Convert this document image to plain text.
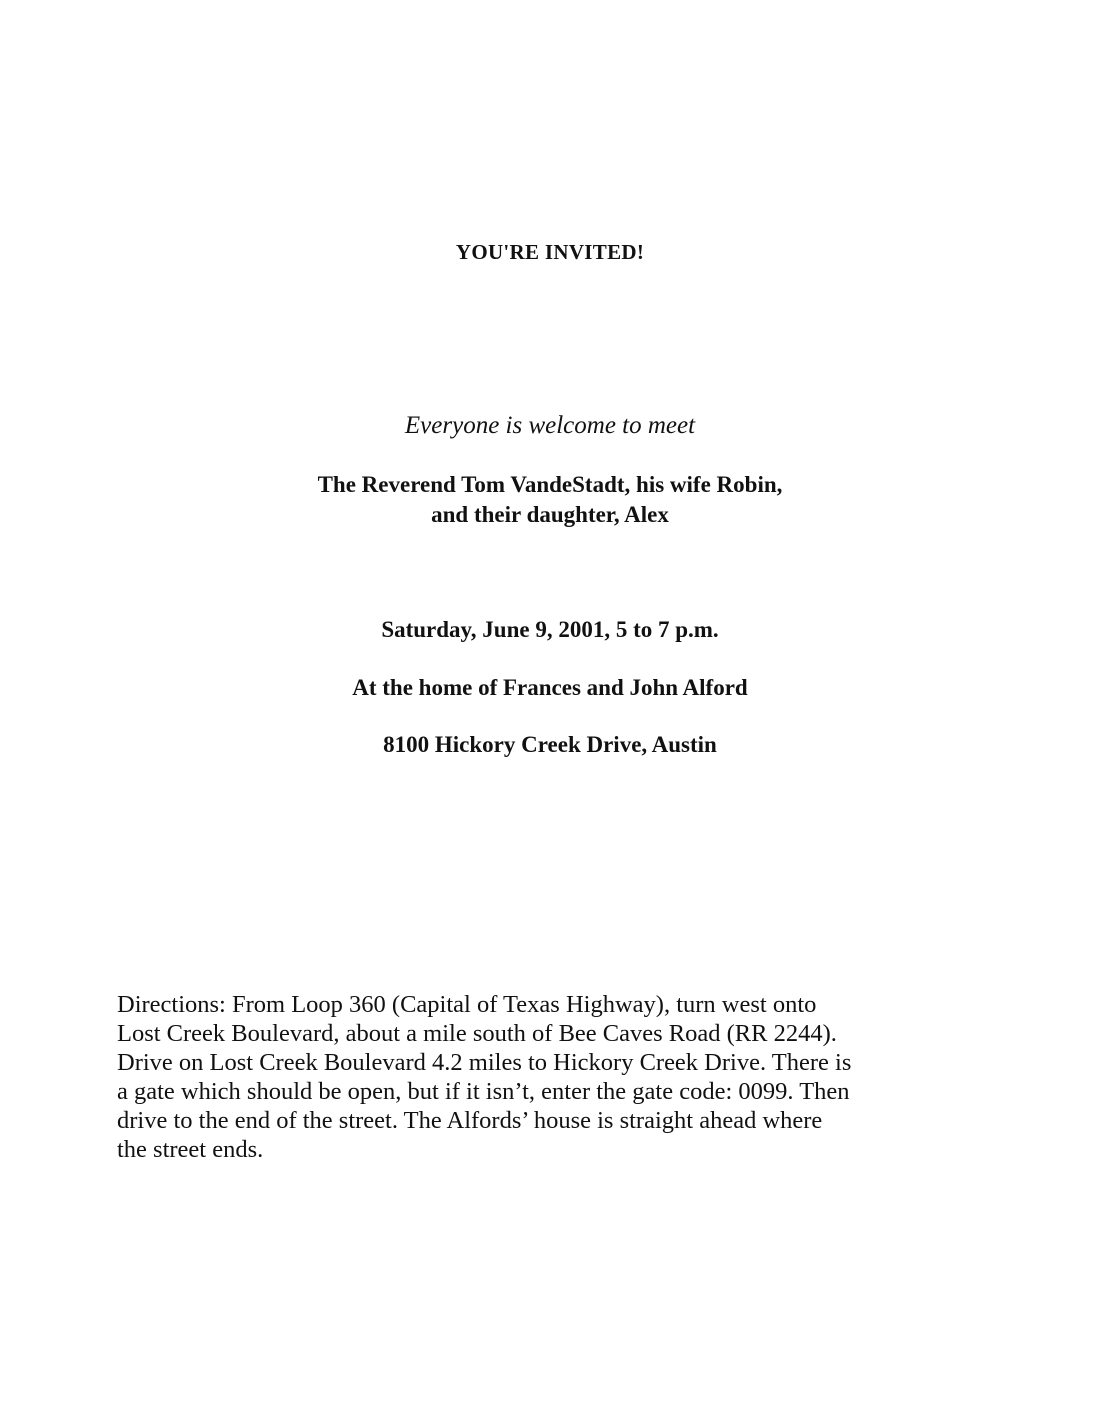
YOU'RE INVITED!
Everyone is welcome to meet
The Reverend Tom VandeStadt, his wife Robin,
and their daughter, Alex
Saturday, June 9, 2001, 5 to 7 p.m.
At the home of Frances and John Alford
8100 Hickory Creek Drive, Austin
Directions: From Loop 360 (Capital of Texas Highway), turn west onto
Lost Creek Boulevard, about a mile south of Bee Caves Road (RR 2244).
Drive on Lost Creek Boulevard 4.2 miles to Hickory Creek Drive. There is
a gate which should be open, but if it isn’t, enter the gate code: 0099. Then
drive to the end of the street. The Alfords’ house is straight ahead where
the street ends.
